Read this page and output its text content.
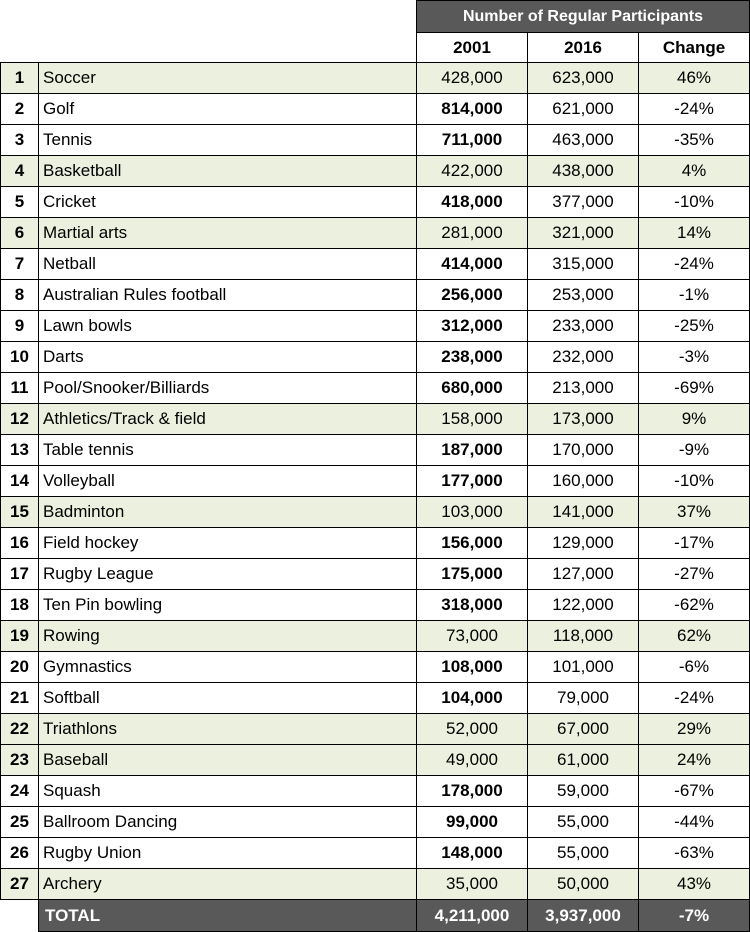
		Number of Regular Participants		
		2001	2016	Change
1	Soccer	428,000	623,000	46%
2	Golf	814,000	621,000	-24%
3	Tennis	711,000	463,000	-35%
4	Basketball	422,000	438,000	4%
5	Cricket	418,000	377,000	-10%
6	Martial arts	281,000	321,000	14%
7	Netball	414,000	315,000	-24%
8	Australian Rules football	256,000	253,000	-1%
9	Lawn bowls	312,000	233,000	-25%
10	Darts	238,000	232,000	-3%
11	Pool/Snooker/Billiards	680,000	213,000	-69%
12	Athletics/Track & field	158,000	173,000	9%
13	Table tennis	187,000	170,000	-9%
14	Volleyball	177,000	160,000	-10%
15	Badminton	103,000	141,000	37%
16	Field hockey	156,000	129,000	-17%
17	Rugby League	175,000	127,000	-27%
18	Ten Pin bowling	318,000	122,000	-62%
19	Rowing	73,000	118,000	62%
20	Gymnastics	108,000	101,000	-6%
21	Softball	104,000	79,000	-24%
22	Triathlons	52,000	67,000	29%
23	Baseball	49,000	61,000	24%
24	Squash	178,000	59,000	-67%
25	Ballroom Dancing	99,000	55,000	-44%
26	Rugby Union	148,000	55,000	-63%
27	Archery	35,000	50,000	43%
	TOTAL	4,211,000	3,937,000	-7%
